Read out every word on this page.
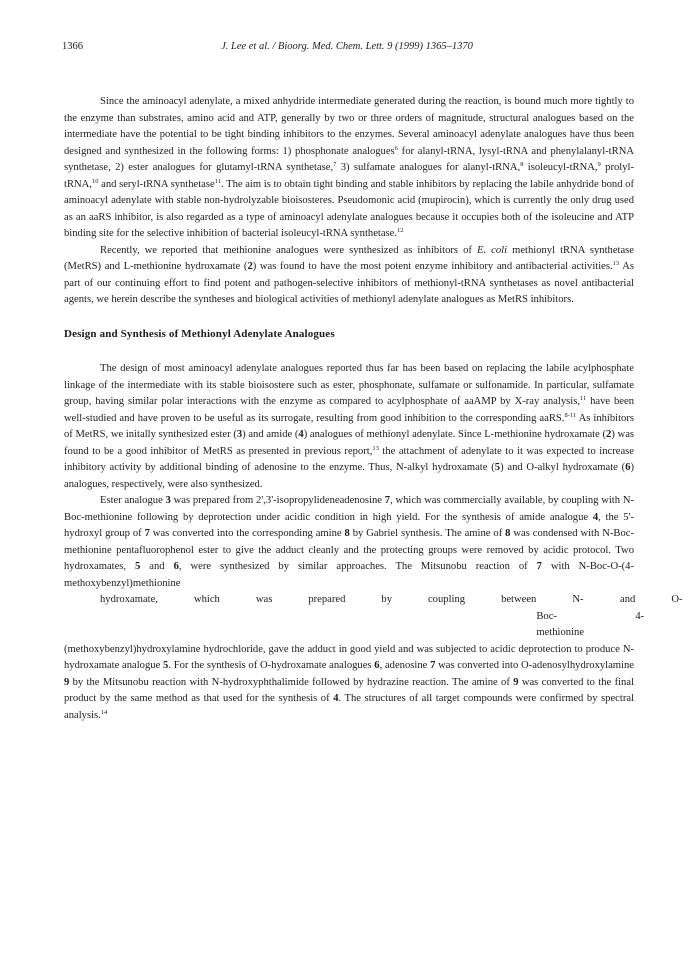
1366	J. Lee et al. / Bioorg. Med. Chem. Lett. 9 (1999) 1365–1370

Since the aminoacyl adenylate, a mixed anhydride intermediate generated during the reaction, is bound much more tightly to the enzyme than substrates, amino acid and ATP, generally by two or three orders of magnitude, structural analogues based on the intermediate have the potential to be tight binding inhibitors to the enzymes. Several aminoacyl adenylate analogues have thus been designed and synthesized in the following forms: 1) phosphonate analogues$^6$ for alanyl-tRNA, lysyl-tRNA and phenylalanyl-tRNA synthetase, 2) ester analogues for glutamyl-tRNA synthetase,$^7$ 3) sulfamate analogues for alanyl-tRNA,$^8$ isoleucyl-tRNA,$^9$ prolyl-tRNA,$^{10}$ and seryl-tRNA synthetase$^{11}$. The aim is to obtain tight binding and stable inhibitors by replacing the labile anhydride bond of aminoacyl adenylate with stable non-hydrolyzable bioisosteres. Pseudomonic acid (mupirocin), which is currently the only drug used as an aaRS inhibitor, is also regarded as a type of aminoacyl adenylate analogues because it occupies both of the isoleucine and ATP binding site for the selective inhibition of bacterial isoleucyl-tRNA synthetase.$^{12}$

Recently, we reported that methionine analogues were synthesized as inhibitors of E. coli methionyl tRNA synthetase (MetRS) and L-methionine hydroxamate (2) was found to have the most potent enzyme inhibitory and antibacterial activities.$^{13}$ As part of our continuing effort to find potent and pathogen-selective inhibitors of methionyl-tRNA synthetases as novel antibacterial agents, we herein describe the syntheses and biological activities of methionyl adenylate analogues as MetRS inhibitors.

Design and Synthesis of Methionyl Adenylate Analogues

The design of most aminoacyl adenylate analogues reported thus far has been based on replacing the labile acylphosphate linkage of the intermediate with its stable bioisostere such as ester, phosphonate, sulfamate or sulfonamide. In particular, sulfamate group, having similar polar interactions with the enzyme as compared to acylphosphate of aaAMP by X-ray analysis,$^{11}$ have been well-studied and have proven to be useful as its surrogate, resulting from good inhibition to the corresponding aaRS.$^{8-11}$ As inhibitors of MetRS, we initally synthesized ester (3) and amide (4) analogues of methionyl adenylate. Since L-methionine hydroxamate (2) was found to be a good inhibitor of MetRS as presented in previous report,$^{13}$ the attachment of adenylate to it was expected to increase inhibitory activity by additional binding of adenosine to the enzyme. Thus, N-alkyl hydroxamate (5) and O-alkyl hydroxamate (6) analogues, respectively, were also synthesized.

Ester analogue 3 was prepared from 2',3'-isopropylideneadenosine 7, which was commercially available, by coupling with N-Boc-methionine following by deprotection under acidic condition in high yield. For the synthesis of amide analogue 4, the 5'-hydroxyl group of 7 was converted into the corresponding amine 8 by Gabriel synthesis. The amine of 8 was condensed with N-Boc-methionine pentafluorophenol ester to give the adduct cleanly and the protecting groups were removed by acidic protocol. Two hydroxamates, 5 and 6, were synthesized by similar approaches. The Mitsunobu reaction of 7 with N-Boc-O-(4-methoxybenzyl)methionine

hydroxamate,	which	was	prepared	by	coupling	between	N-Boc-methionine
and	O-4-

(methoxybenzyl)hydroxylamine hydrochloride, gave the adduct in good yield and was subjected to acidic deprotection to produce N-hydroxamate analogue 5. For the synthesis of O-hydroxamate analogues 6, adenosine 7 was converted into O-adenosylhydroxylamine 9 by the Mitsunobu reaction with N-hydroxyphthalimide followed by hydrazine reaction. The amine of 9 was converted to the final product by the same method as that used for the synthesis of 4. The structures of all target compounds were confirmed by spectral analysis.$^{14}$
